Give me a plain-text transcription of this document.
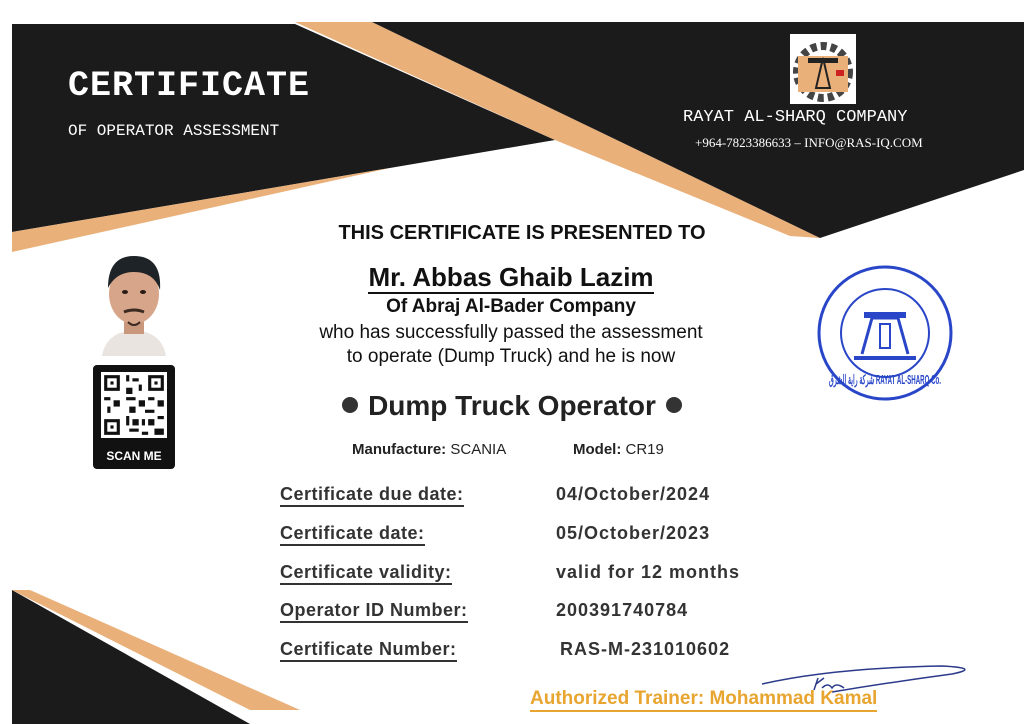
CERTIFICATE
OF OPERATOR ASSESSMENT
RAYAT AL-SHARQ COMPANY
+964-7823386633 – INFO@RAS-IQ.COM
THIS CERTIFICATE IS PRESENTED TO
Mr. Abbas Ghaib Lazim
Of Abraj Al-Bader Company
who has successfully passed the assessment
to operate (Dump Truck) and he is now
Dump Truck Operator
Manufacture: SCANIA	Model: CR19
Certificate due date:	04/October/2024
Certificate date:	05/October/2023
Certificate validity:	valid for 12 months
Operator ID Number:	200391740784
Certificate Number:	RAS-M-231010602
SCAN ME
شركة راية الشرق RAYAT AL-SHARQ Co.
Authorized Trainer: Mohammad Kamal
